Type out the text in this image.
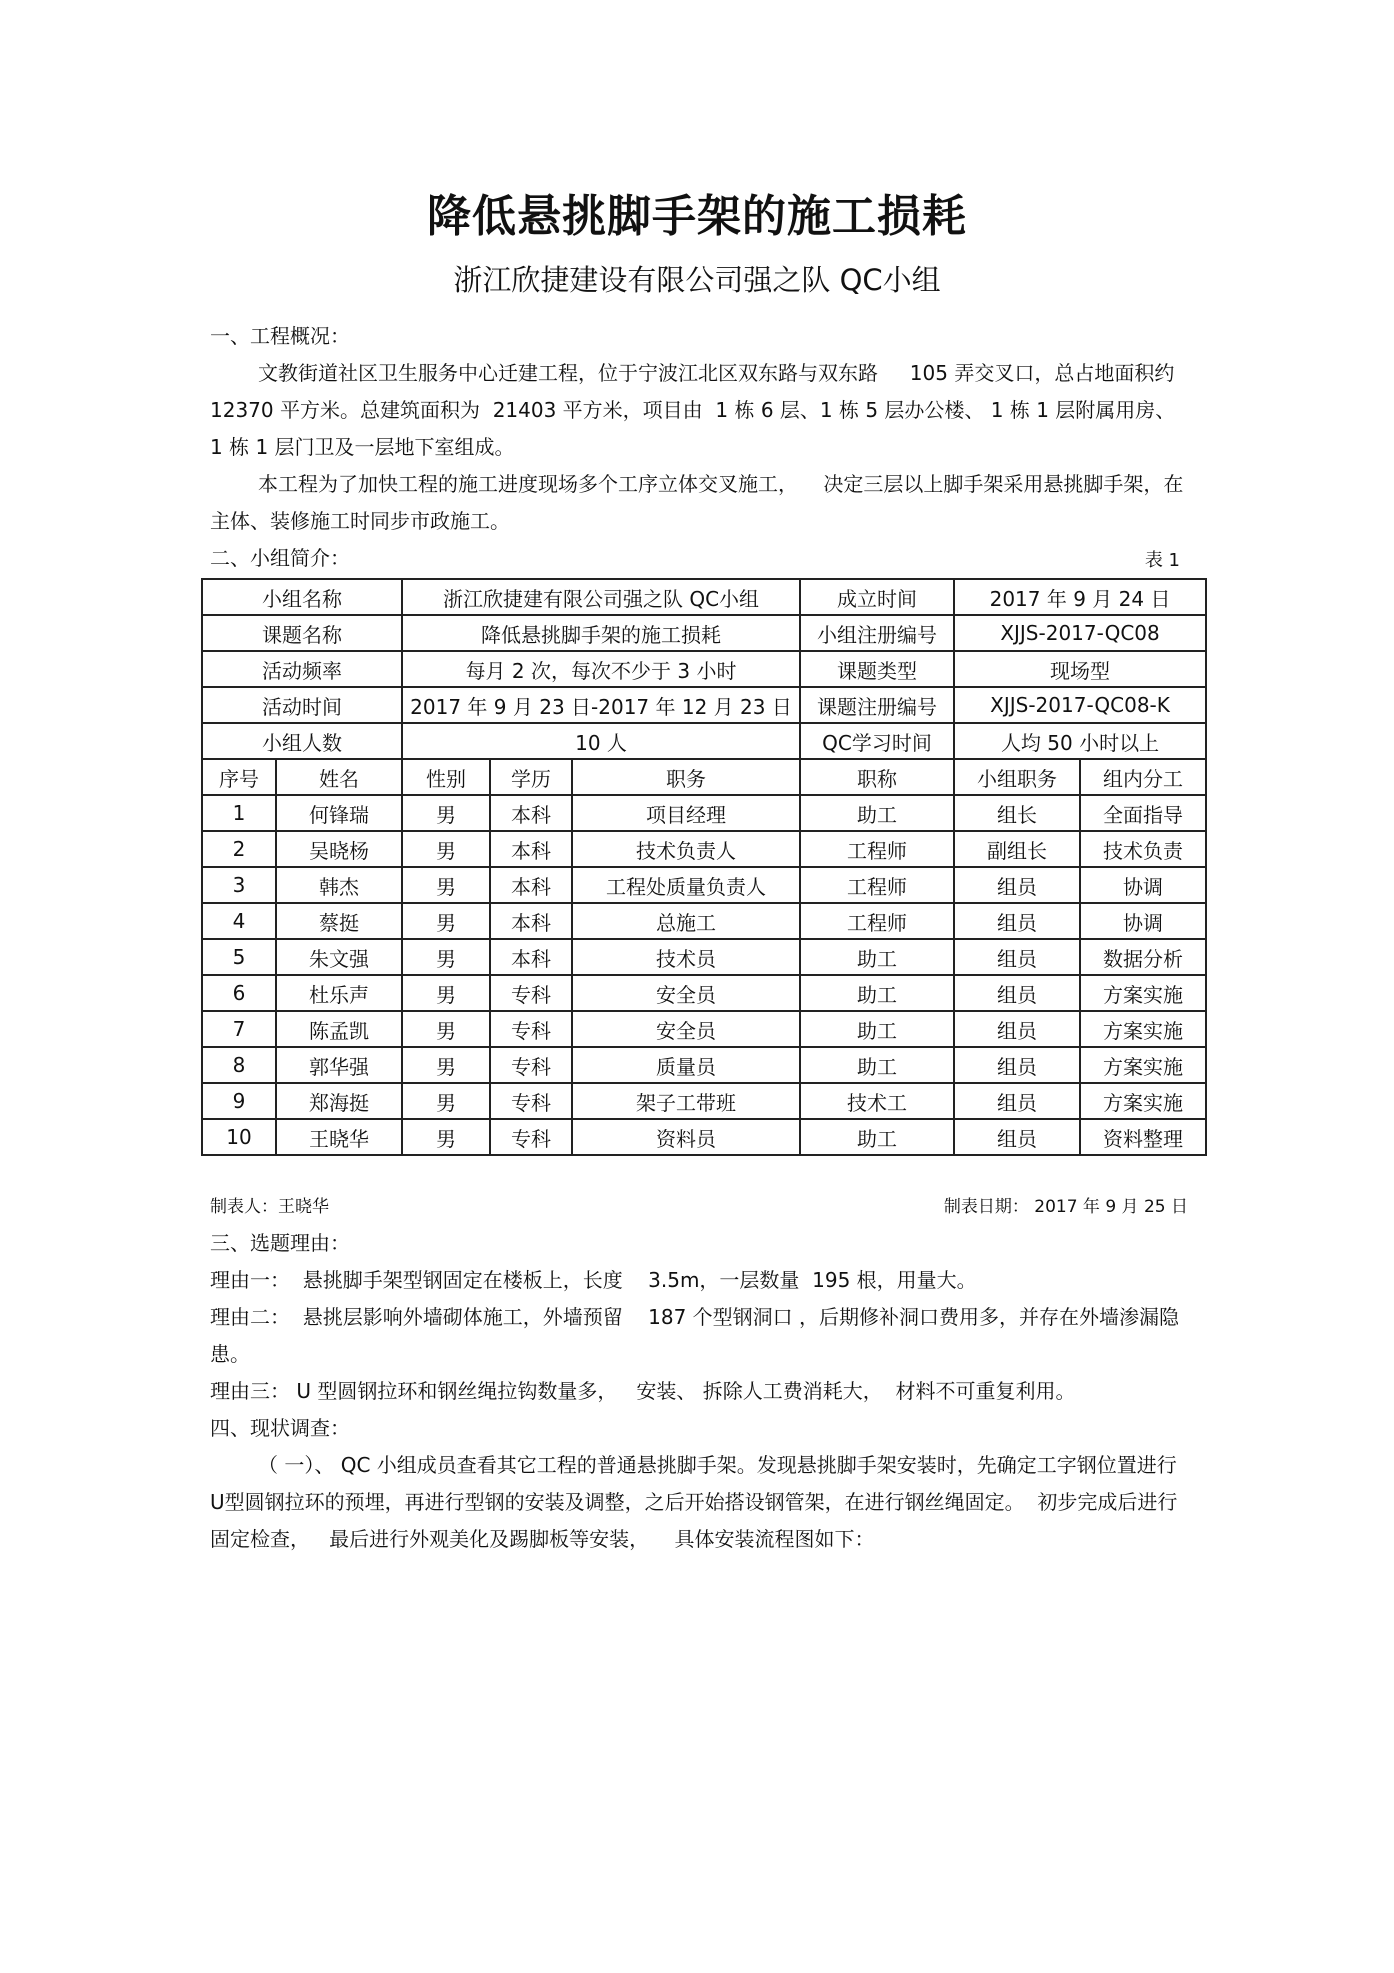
降低悬挑脚手架的施工损耗
浙江欣捷建设有限公司强之队 QC小组
一、工程概况：
文教街道社区卫生服务中心迁建工程，位于宁波江北区双东路与双东路     105 弄交叉口，总占地面积约  12370 平方米。总建筑面积为  21403 平方米，项目由  1 栋 6 层、1 栋 5 层办公楼、 1 栋 1 层附属用房、  1 栋 1 层门卫及一层地下室组成。
本工程为了加快工程的施工进度现场多个工序立体交叉施工，    决定三层以上脚手架采用悬挑脚手架，在主体、装修施工时同步市政施工。
二、小组简介：	表 1
小组名称		浙江欣捷建有限公司强之队 QC小组			成立时间	2017 年 9 月 24 日	
课题名称		降低悬挑脚手架的施工损耗			小组注册编号	XJJS-2017-QC08	
活动频率		每月 2 次，每次不少于 3 小时			课题类型	现场型	
活动时间		2017 年 9 月 23 日-2017 年 12 月 23 日			课题注册编号	XJJS-2017-QC08-K	
小组人数		10 人			QC学习时间	人均 50 小时以上	
序号	姓名	性别	学历	职务	职称	小组职务	组内分工
1	何锋瑞	男	本科	项目经理	助工	组长	全面指导
2	吴晓杨	男	本科	技术负责人	工程师	副组长	技术负责
3	韩杰	男	本科	工程处质量负责人	工程师	组员	协调
4	蔡挺	男	本科	总施工	工程师	组员	协调
5	朱文强	男	本科	技术员	助工	组员	数据分析
6	杜乐声	男	专科	安全员	助工	组员	方案实施
7	陈孟凯	男	专科	安全员	助工	组员	方案实施
8	郭华强	男	专科	质量员	助工	组员	方案实施
9	郑海挺	男	专科	架子工带班	技术工	组员	方案实施
10	王晓华	男	专科	资料员	助工	组员	资料整理
制表人：王晓华	制表日期： 2017 年 9 月 25 日
三、选题理由：
理由一：  悬挑脚手架型钢固定在楼板上，长度    3.5m，一层数量  195 根，用量大。
理由二：  悬挑层影响外墙砌体施工，外墙预留    187 个型钢洞口 ，后期修补洞口费用多，并存在外墙渗漏隐患。
理由三： U 型圆钢拉环和钢丝绳拉钩数量多，   安装、 拆除人工费消耗大，  材料不可重复利用。
四、现状调查：
（ 一）、 QC 小组成员查看其它工程的普通悬挑脚手架。发现悬挑脚手架安装时，先确定工字钢位置进行   U型圆钢拉环的预埋，再进行型钢的安装及调整，之后开始搭设钢管架，在进行钢丝绳固定。  初步完成后进行固定检查，   最后进行外观美化及踢脚板等安装，    具体安装流程图如下：
